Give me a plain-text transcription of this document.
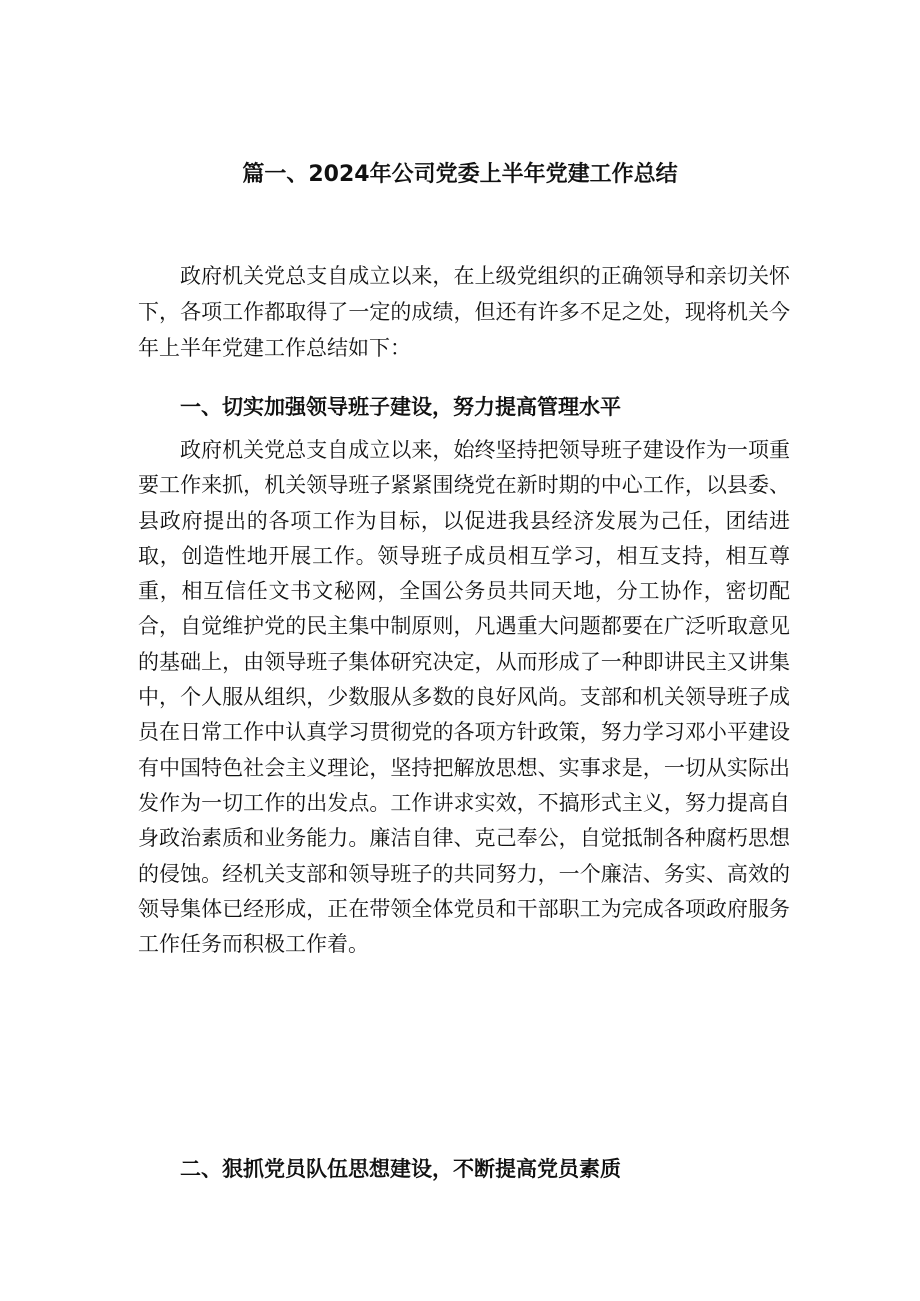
篇一、2024年公司党委上半年党建工作总结
政府机关党总支自成立以来，在上级党组织的正确领导和亲切关怀下，各项工作都取得了一定的成绩，但还有许多不足之处，现将机关今年上半年党建工作总结如下：
一、切实加强领导班子建设，努力提高管理水平
政府机关党总支自成立以来，始终坚持把领导班子建设作为一项重要工作来抓，机关领导班子紧紧围绕党在新时期的中心工作，以县委、县政府提出的各项工作为目标，以促进我县经济发展为己任，团结进取，创造性地开展工作。领导班子成员相互学习，相互支持，相互尊重，相互信任文书文秘网，全国公务员共同天地，分工协作，密切配合，自觉维护党的民主集中制原则，凡遇重大问题都要在广泛听取意见的基础上，由领导班子集体研究决定，从而形成了一种即讲民主又讲集中，个人服从组织，少数服从多数的良好风尚。支部和机关领导班子成员在日常工作中认真学习贯彻党的各项方针政策，努力学习邓小平建设有中国特色社会主义理论，坚持把解放思想、实事求是，一切从实际出发作为一切工作的出发点。工作讲求实效，不搞形式主义，努力提高自身政治素质和业务能力。廉洁自律、克己奉公，自觉抵制各种腐朽思想的侵蚀。经机关支部和领导班子的共同努力，一个廉洁、务实、高效的领导集体已经形成，正在带领全体党员和干部职工为完成各项政府服务工作任务而积极工作着。
二、狠抓党员队伍思想建设，不断提高党员素质
